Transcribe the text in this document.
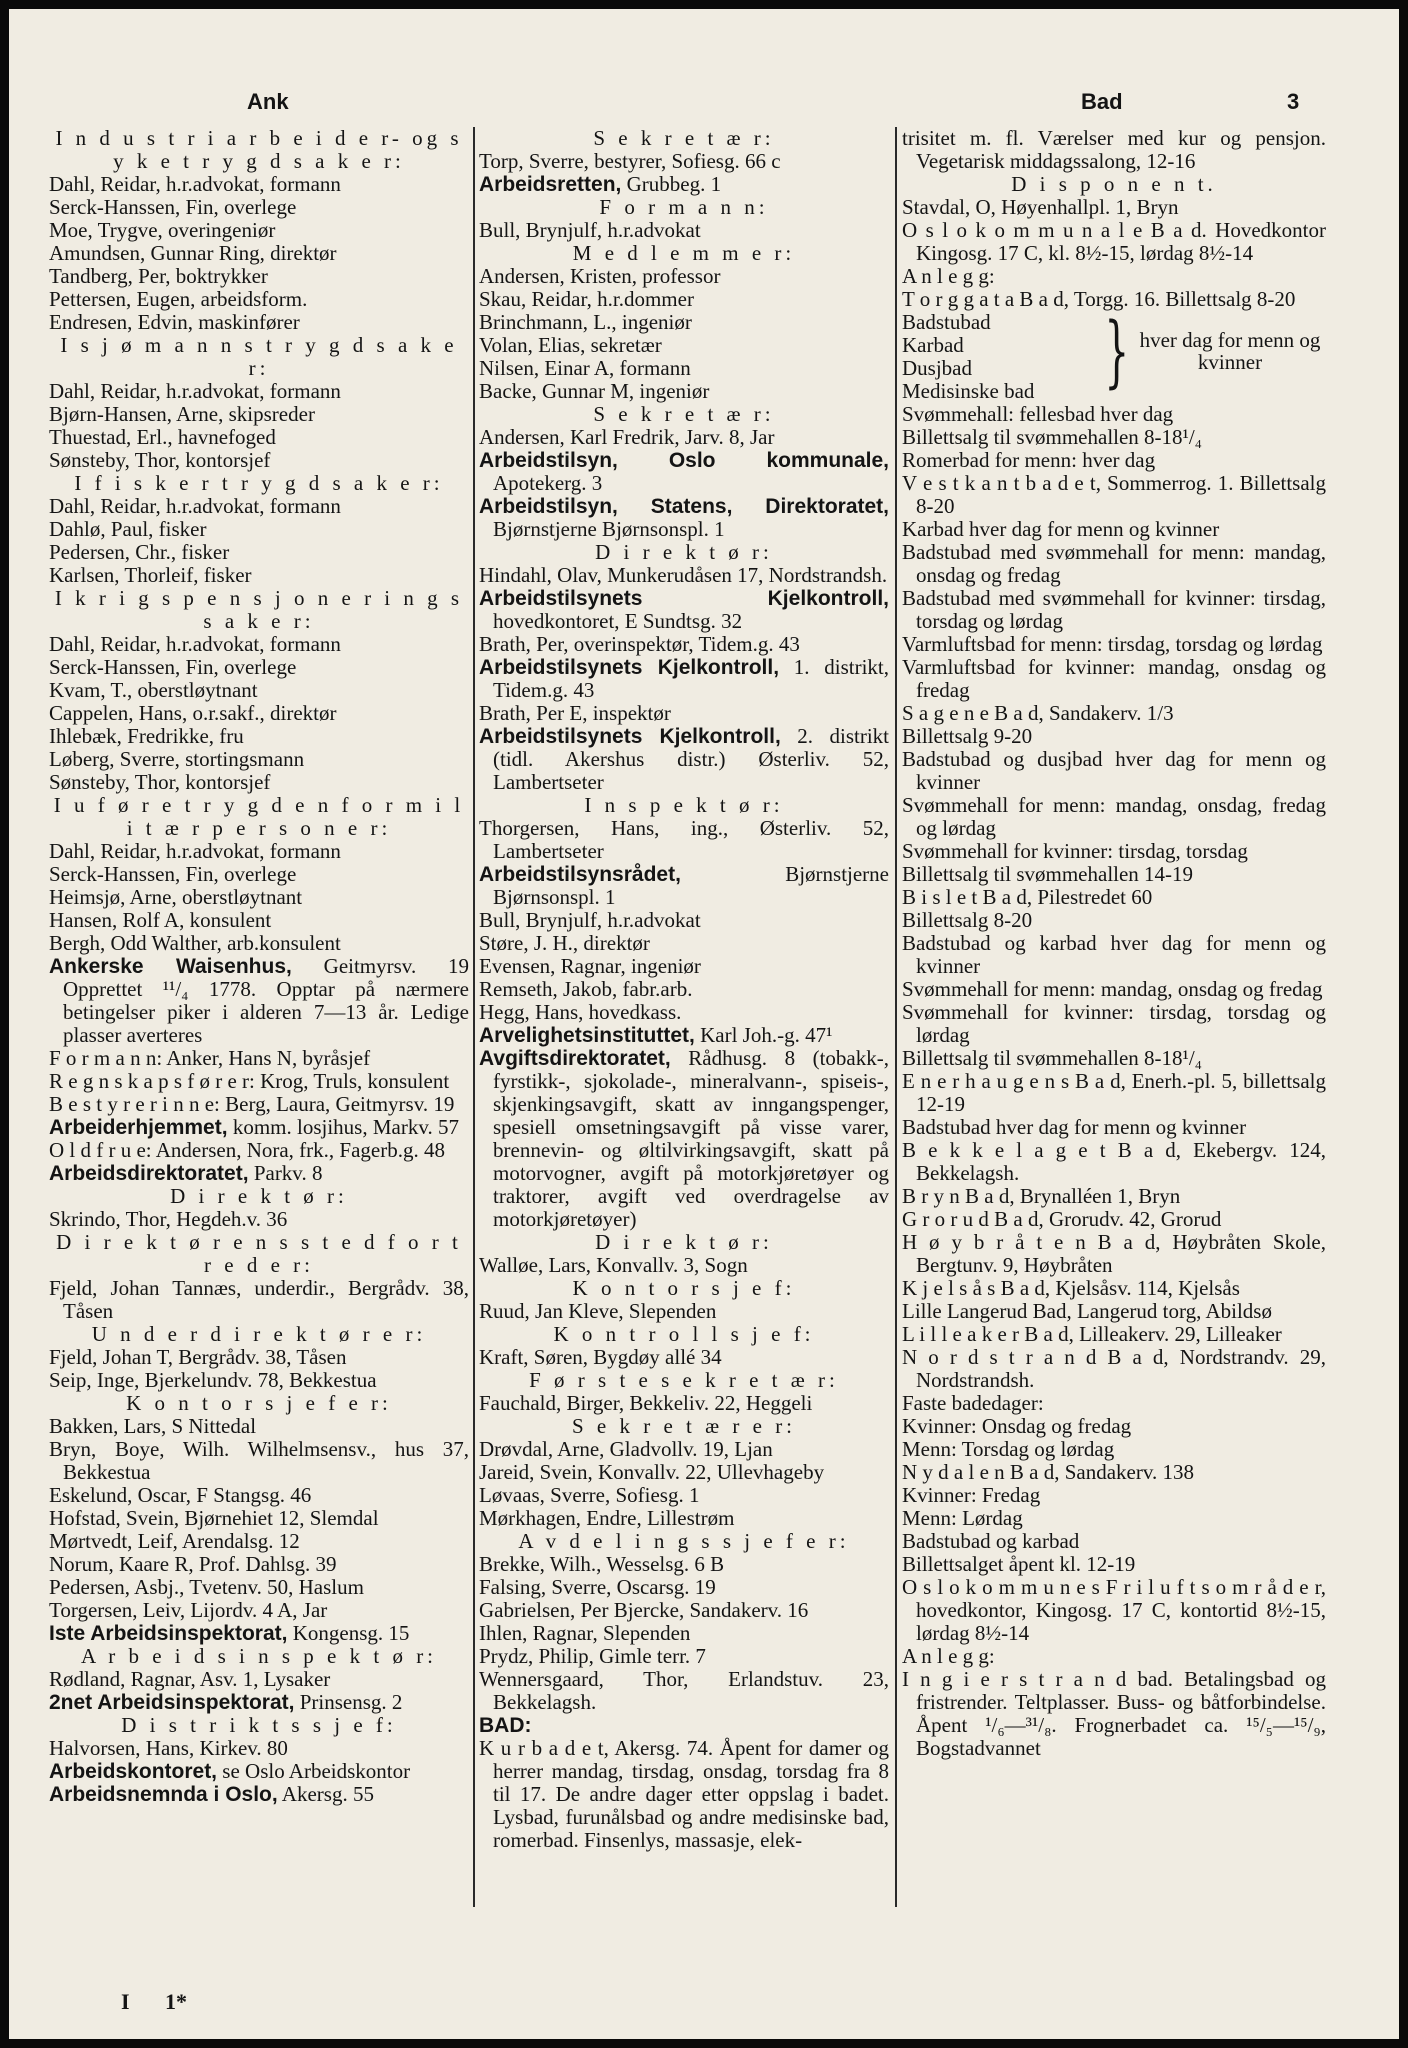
Ank	Bad	3

I n d u s t r i a r b e i d e r- og s y k e t r y g d s a k e r:

Dahl, Reidar, h.r.advokat, formann

Serck-Hanssen, Fin, overlege

Moe, Trygve, overingeniør

Amundsen, Gunnar Ring, direktør

Tandberg, Per, boktrykker

Pettersen, Eugen, arbeidsform.

Endresen, Edvin, maskinfører

I s j ø m a n n s t r y g d s a k e r:

Dahl, Reidar, h.r.advokat, formann

Bjørn-Hansen, Arne, skipsreder

Thuestad, Erl., havnefoged

Sønsteby, Thor, kontorsjef

I f i s k e r t r y g d s a k e r:

Dahl, Reidar, h.r.advokat, formann

Dahlø, Paul, fisker

Pedersen, Chr., fisker

Karlsen, Thorleif, fisker

I k r i g s p e n s j o n e r i n g s s a k e r:

Dahl, Reidar, h.r.advokat, formann

Serck-Hanssen, Fin, overlege

Kvam, T., oberstløytnant

Cappelen, Hans, o.r.sakf., direktør

Ihlebæk, Fredrikke, fru

Løberg, Sverre, stortingsmann

Sønsteby, Thor, kontorsjef

I u f ø r e t r y g d e n f o r m i l i t æ r p e r s o n e r:

Dahl, Reidar, h.r.advokat, formann

Serck-Hanssen, Fin, overlege

Heimsjø, Arne, oberstløytnant

Hansen, Rolf A, konsulent

Bergh, Odd Walther, arb.konsulent

Ankerske Waisenhus, Geitmyrsv. 19 Opprettet ¹¹/₄ 1778. Opptar på nærmere betingelser piker i alderen 7—13 år. Ledige plasser averteres

F o r m a n n: Anker, Hans N, byråsjef

R e g n s k a p s f ø r e r: Krog, Truls, konsulent

B e s t y r e r i n n e: Berg, Laura, Geitmyrsv. 19

Arbeiderhjemmet, komm. losjihus, Markv. 57

O l d f r u e: Andersen, Nora, frk., Fagerb.g. 48

Arbeidsdirektoratet, Parkv. 8

D i r e k t ø r:

Skrindo, Thor, Hegdeh.v. 36

D i r e k t ø r e n s s t e d f o r t r e d e r:

Fjeld, Johan Tannæs, underdir., Bergrådv. 38, Tåsen

U n d e r d i r e k t ø r e r:

Fjeld, Johan T, Bergrådv. 38, Tåsen

Seip, Inge, Bjerkelundv. 78, Bekkestua

K o n t o r s j e f e r:

Bakken, Lars, S Nittedal

Bryn, Boye, Wilh. Wilhelmsensv., hus 37, Bekkestua

Eskelund, Oscar, F Stangsg. 46

Hofstad, Svein, Bjørnehiet 12, Slemdal

Mørtvedt, Leif, Arendalsg. 12

Norum, Kaare R, Prof. Dahlsg. 39

Pedersen, Asbj., Tvetenv. 50, Haslum

Torgersen, Leiv, Lijordv. 4 A, Jar

Iste Arbeidsinspektorat, Kongensg. 15

A r b e i d s i n s p e k t ø r:

Rødland, Ragnar, Asv. 1, Lysaker

2net Arbeidsinspektorat, Prinsensg. 2

D i s t r i k t s s j e f:

Halvorsen, Hans, Kirkev. 80

Arbeidskontoret, se Oslo Arbeidskontor

Arbeidsnemnda i Oslo, Akersg. 55

S e k r e t æ r:

Torp, Sverre, bestyrer, Sofiesg. 66 c

Arbeidsretten, Grubbeg. 1

F o r m a n n:

Bull, Brynjulf, h.r.advokat

M e d l e m m e r:

Andersen, Kristen, professor

Skau, Reidar, h.r.dommer

Brinchmann, L., ingeniør

Volan, Elias, sekretær

Nilsen, Einar A, formann

Backe, Gunnar M, ingeniør

S e k r e t æ r:

Andersen, Karl Fredrik, Jarv. 8, Jar

Arbeidstilsyn, Oslo kommunale, Apotekerg. 3

Arbeidstilsyn, Statens, Direktoratet, Bjørnstjerne Bjørnsonspl. 1

D i r e k t ø r:

Hindahl, Olav, Munkerudåsen 17, Nordstrandsh.

Arbeidstilsynets Kjelkontroll, hovedkontoret, E Sundtsg. 32

Brath, Per, overinspektør, Tidem.g. 43

Arbeidstilsynets Kjelkontroll, 1. distrikt, Tidem.g. 43

Brath, Per E, inspektør

Arbeidstilsynets Kjelkontroll, 2. distrikt (tidl. Akershus distr.) Østerliv. 52, Lambertseter

I n s p e k t ø r:

Thorgersen, Hans, ing., Østerliv. 52, Lambertseter

Arbeidstilsynsrådet, Bjørnstjerne Bjørnsonspl. 1

Bull, Brynjulf, h.r.advokat

Støre, J. H., direktør

Evensen, Ragnar, ingeniør

Remseth, Jakob, fabr.arb.

Hegg, Hans, hovedkass.

Arvelighetsinstituttet, Karl Joh.-g. 47¹

Avgiftsdirektoratet, Rådhusg. 8 (tobakk-, fyrstikk-, sjokolade-, mineralvann-, spiseis-, skjenkingsavgift, skatt av inngangspenger, spesiell omsetningsavgift på visse varer, brennevin- og øltilvirkingsavgift, skatt på motorvogner, avgift på motorkjøretøyer og traktorer, avgift ved overdragelse av motorkjøretøyer)

D i r e k t ø r:

Walløe, Lars, Konvallv. 3, Sogn

K o n t o r s j e f:

Ruud, Jan Kleve, Slependen

K o n t r o l l s j e f:

Kraft, Søren, Bygdøy allé 34

F ø r s t e s e k r e t æ r:

Fauchald, Birger, Bekkeliv. 22, Heggeli

S e k r e t æ r e r:

Drøvdal, Arne, Gladvollv. 19, Ljan

Jareid, Svein, Konvallv. 22, Ullevhageby

Løvaas, Sverre, Sofiesg. 1

Mørkhagen, Endre, Lillestrøm

A v d e l i n g s s j e f e r:

Brekke, Wilh., Wesselsg. 6 B

Falsing, Sverre, Oscarsg. 19

Gabrielsen, Per Bjercke, Sandakerv. 16

Ihlen, Ragnar, Slependen

Prydz, Philip, Gimle terr. 7

Wennersgaard, Thor, Erlandstuv. 23, Bekkelagsh.

BAD:

K u r b a d e t, Akersg. 74. Åpent for damer og herrer mandag, tirsdag, onsdag, torsdag fra 8 til 17. De andre dager etter oppslag i badet. Lysbad, furunålsbad og andre medisinske bad, romerbad. Finsenlys, massasje, elek-

trisitet m. fl. Værelser med kur og pensjon. Vegetarisk middagssalong, 12-16

D i s p o n e n t.

Stavdal, O, Høyenhallpl. 1, Bryn

O s l o k o m m u n a l e B a d. Hovedkontor Kingosg. 17 C, kl. 8½-15, lørdag 8½-14

A n l e g g:

T o r g g a t a B a d, Torgg. 16. Billettsalg 8-20

Badstubad

Karbad

Dusjbad

Medisinske bad } hver dag for menn og kvinner

Svømmehall: fellesbad hver dag

Billettsalg til svømmehallen 8-18¹/₄

Romerbad for menn: hver dag

V e s t k a n t b a d e t, Sommerrog. 1. Billettsalg 8-20

Karbad hver dag for menn og kvinner

Badstubad med svømmehall for menn: mandag, onsdag og fredag

Badstubad med svømmehall for kvinner: tirsdag, torsdag og lørdag

Varmluftsbad for menn: tirsdag, torsdag og lørdag

Varmluftsbad for kvinner: mandag, onsdag og fredag

S a g e n e B a d, Sandakerv. 1/3

Billettsalg 9-20

Badstubad og dusjbad hver dag for menn og kvinner

Svømmehall for menn: mandag, onsdag, fredag og lørdag

Svømmehall for kvinner: tirsdag, torsdag

Billettsalg til svømmehallen 14-19

B i s l e t B a d, Pilestredet 60

Billettsalg 8-20

Badstubad og karbad hver dag for menn og kvinner

Svømmehall for menn: mandag, onsdag og fredag

Svømmehall for kvinner: tirsdag, torsdag og lørdag

Billettsalg til svømmehallen 8-18¹/₄

E n e r h a u g e n s B a d, Enerh.-pl. 5, billettsalg 12-19

Badstubad hver dag for menn og kvinner

B e k k e l a g e t B a d, Ekebergv. 124, Bekkelagsh.

B r y n B a d, Brynalléen 1, Bryn

G r o r u d B a d, Grorudv. 42, Grorud

H ø y b r å t e n B a d, Høybråten Skole, Bergtunv. 9, Høybråten

K j e l s å s B a d, Kjelsåsv. 114, Kjelsås

Lille Langerud Bad, Langerud torg, Abildsø

L i l l e a k e r B a d, Lilleakerv. 29, Lilleaker

N o r d s t r a n d B a d, Nordstrandv. 29, Nordstrandsh.

Faste badedager:

Kvinner: Onsdag og fredag

Menn: Torsdag og lørdag

N y d a l e n B a d, Sandakerv. 138

Kvinner: Fredag

Menn: Lørdag

Badstubad og karbad

Billettsalget åpent kl. 12-19

O s l o k o m m u n e s F r i l u f t s o m r å d e r, hovedkontor, Kingosg. 17 C, kontortid 8½-15, lørdag 8½-14

A n l e g g:

I n g i e r s t r a n d bad. Betalingsbad og fristrender. Teltplasser. Buss- og båtforbindelse. Åpent ¹/₆—³¹/₈. Frognerbadet ca. ¹⁵/₅—¹⁵/₉, Bogstadvannet

I 1*
